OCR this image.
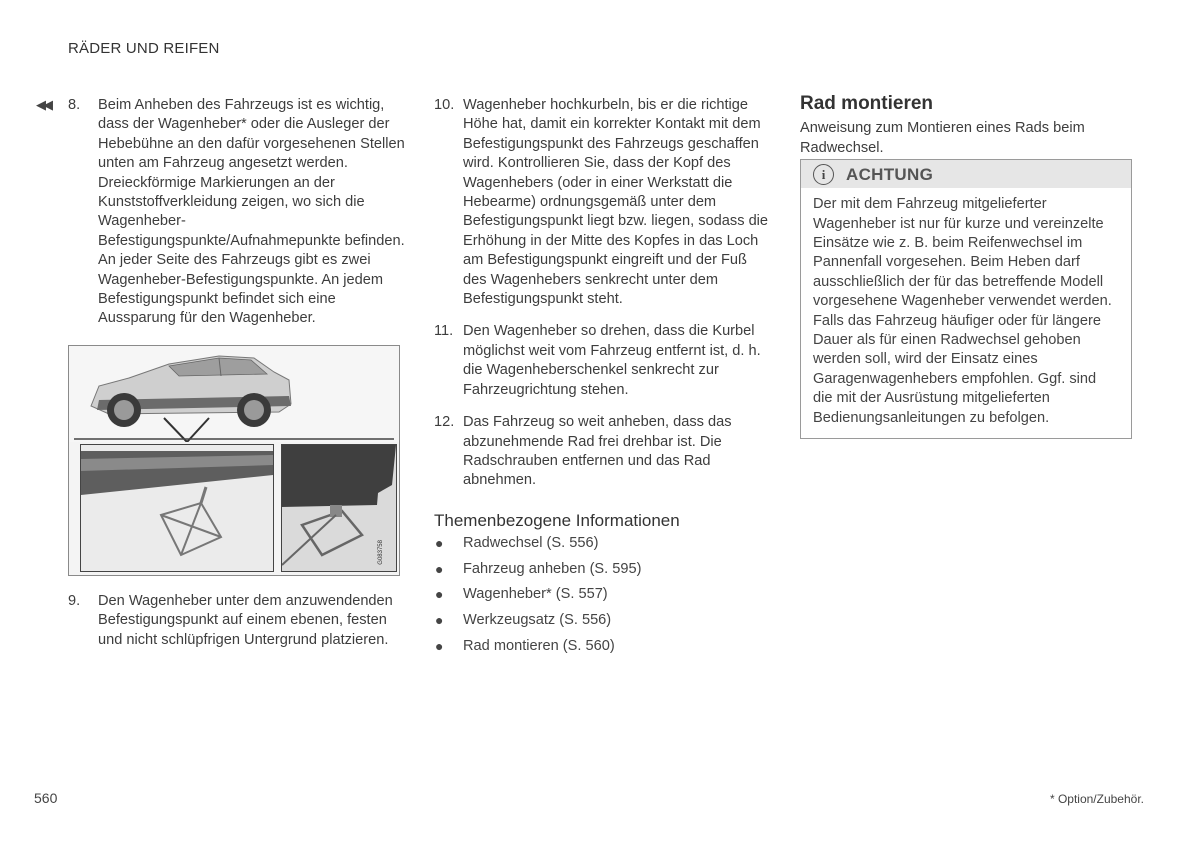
RÄDER UND REIFEN
◀◀ 8. Beim Anheben des Fahrzeugs ist es wichtig, dass der Wagenheber* oder die Ausleger der Hebebühne an den dafür vorgesehenen Stellen unten am Fahrzeug angesetzt werden. Dreieckförmige Markierungen an der Kunststoffverkleidung zeigen, wo sich die Wagenheber-Befestigungspunkte/Aufnahmepunkte befinden. An jeder Seite des Fahrzeugs gibt es zwei Wagenheber-Befestigungspunkte. An jedem Befestigungspunkt befindet sich eine Aussparung für den Wagenheber.
G083758
9. Den Wagenheber unter dem anzuwendenden Befestigungspunkt auf einem ebenen, festen und nicht schlüpfrigen Untergrund platzieren.
10. Wagenheber hochkurbeln, bis er die richtige Höhe hat, damit ein korrekter Kontakt mit dem Befestigungspunkt des Fahrzeugs geschaffen wird. Kontrollieren Sie, dass der Kopf des Wagenhebers (oder in einer Werkstatt die Hebearme) ordnungsgemäß unter dem Befestigungspunkt liegt bzw. liegen, sodass die Erhöhung in der Mitte des Kopfes in das Loch am Befestigungspunkt eingreift und der Fuß des Wagenhebers senkrecht unter dem Befestigungspunkt steht.
11. Den Wagenheber so drehen, dass die Kurbel möglichst weit vom Fahrzeug entfernt ist, d. h. die Wagenheberschenkel senkrecht zur Fahrzeugrichtung stehen.
12. Das Fahrzeug so weit anheben, dass das abzunehmende Rad frei drehbar ist. Die Radschrauben entfernen und das Rad abnehmen.
Themenbezogene Informationen
● Radwechsel (S. 556)
● Fahrzeug anheben (S. 595)
● Wagenheber* (S. 557)
● Werkzeugsatz (S. 556)
● Rad montieren (S. 560)
Rad montieren
Anweisung zum Montieren eines Rads beim Radwechsel.
i	ACHTUNG
Der mit dem Fahrzeug mitgelieferter Wagenheber ist nur für kurze und vereinzelte Einsätze wie z. B. beim Reifenwechsel im Pannenfall vorgesehen. Beim Heben darf ausschließlich der für das betreffende Modell vorgesehene Wagenheber verwendet werden. Falls das Fahrzeug häufiger oder für längere Dauer als für einen Radwechsel gehoben werden soll, wird der Einsatz eines Garagenwagenhebers empfohlen. Ggf. sind die mit der Ausrüstung mitgelieferten Bedienungsanleitungen zu befolgen.
560	* Option/Zubehör.
